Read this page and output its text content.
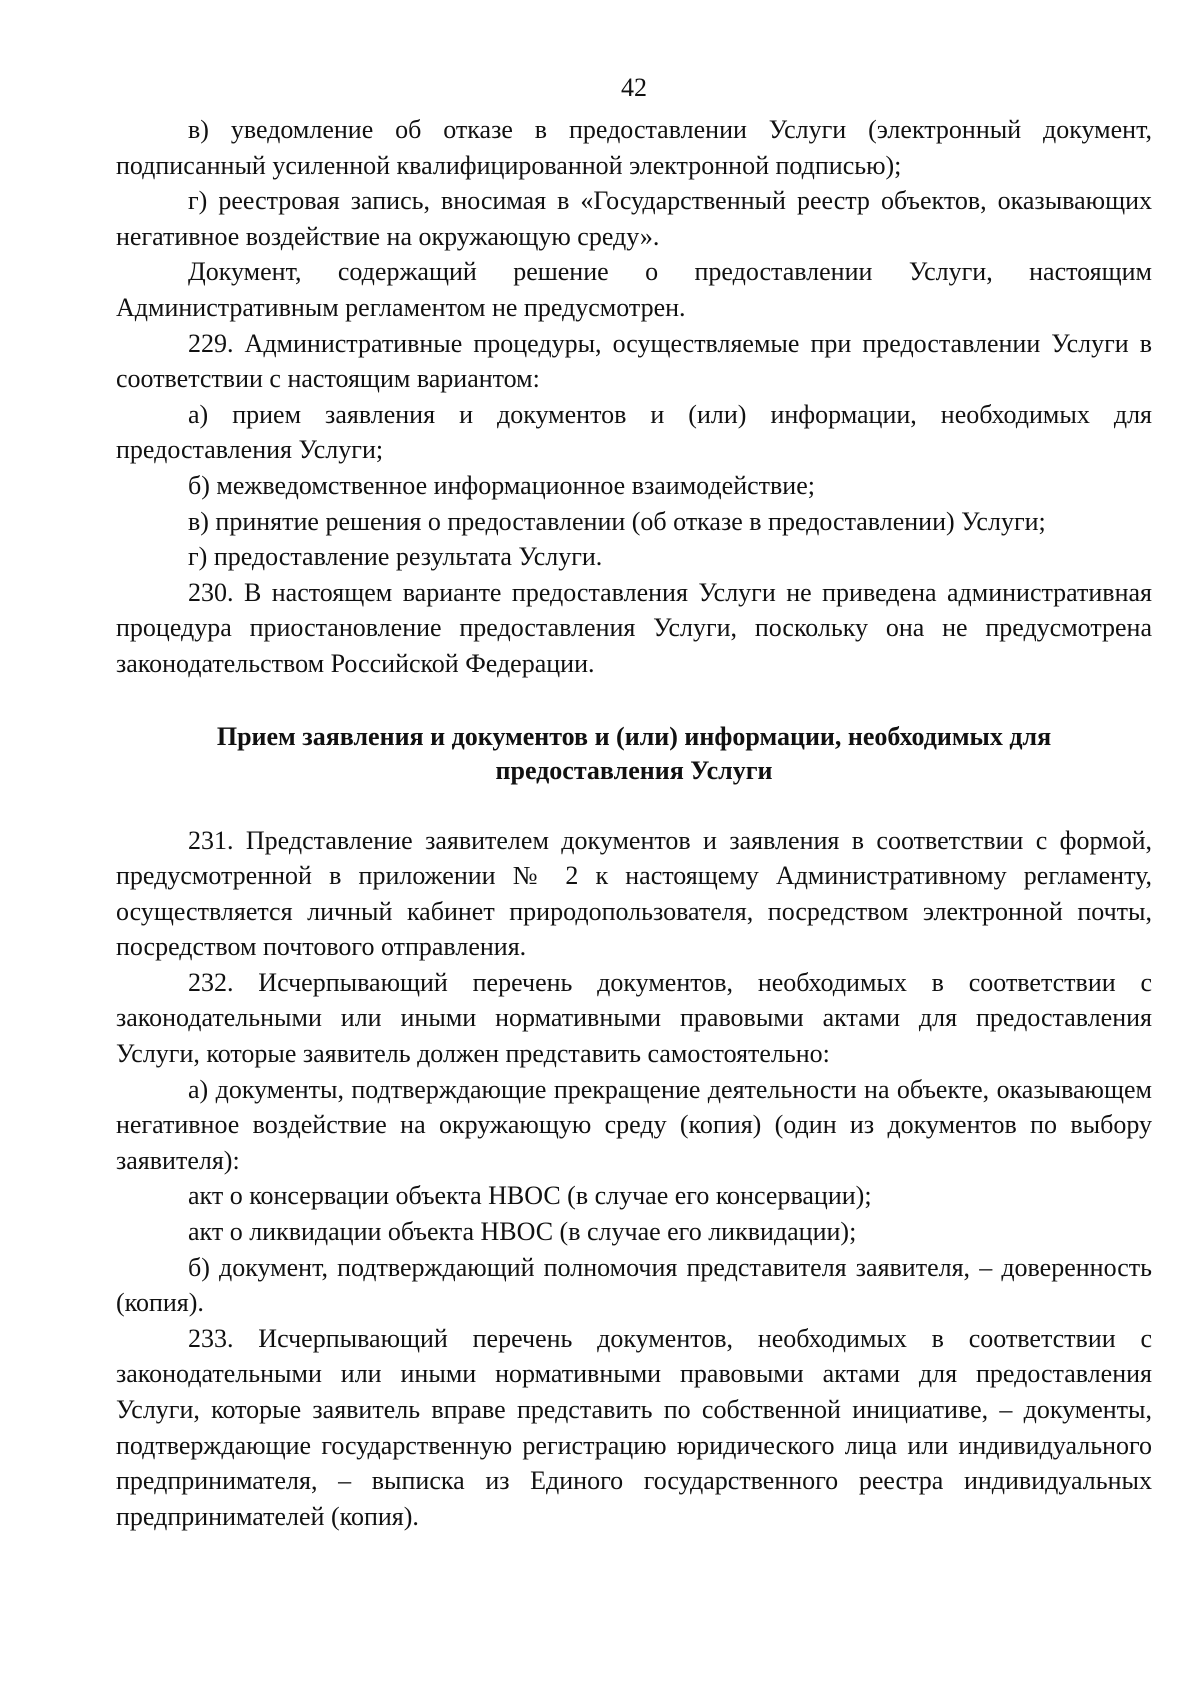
42

в) уведомление об отказе в предоставлении Услуги (электронный документ, подписанный усиленной квалифицированной электронной подписью);

г) реестровая запись, вносимая в «Государственный реестр объектов, оказывающих негативное воздействие на окружающую среду».

Документ, содержащий решение о предоставлении Услуги, настоящим Административным регламентом не предусмотрен.

229. Административные процедуры, осуществляемые при предоставлении Услуги в соответствии с настоящим вариантом:

а) прием заявления и документов и (или) информации, необходимых для предоставления Услуги;

б) межведомственное информационное взаимодействие;

в) принятие решения о предоставлении (об отказе в предоставлении) Услуги;

г) предоставление результата Услуги.

230. В настоящем варианте предоставления Услуги не приведена административная процедура приостановление предоставления Услуги, поскольку она не предусмотрена законодательством Российской Федерации.

Прием заявления и документов и (или) информации, необходимых для
предоставления Услуги

231. Представление заявителем документов и заявления в соответствии с формой, предусмотренной в приложении № 2 к настоящему Административному регламенту, осуществляется личный кабинет природопользователя, посредством электронной почты, посредством почтового отправления.

232. Исчерпывающий перечень документов, необходимых в соответствии с законодательными или иными нормативными правовыми актами для предоставления Услуги, которые заявитель должен представить самостоятельно:

а) документы, подтверждающие прекращение деятельности на объекте, оказывающем негативное воздействие на окружающую среду (копия) (один из документов по выбору заявителя):

акт о консервации объекта НВОС (в случае его консервации);

акт о ликвидации объекта НВОС (в случае его ликвидации);

б) документ, подтверждающий полномочия представителя заявителя, – доверенность (копия).

233. Исчерпывающий перечень документов, необходимых в соответствии с законодательными или иными нормативными правовыми актами для предоставления Услуги, которые заявитель вправе представить по собственной инициативе, – документы, подтверждающие государственную регистрацию юридического лица или индивидуального предпринимателя, – выписка из Единого государственного реестра индивидуальных предпринимателей (копия).
